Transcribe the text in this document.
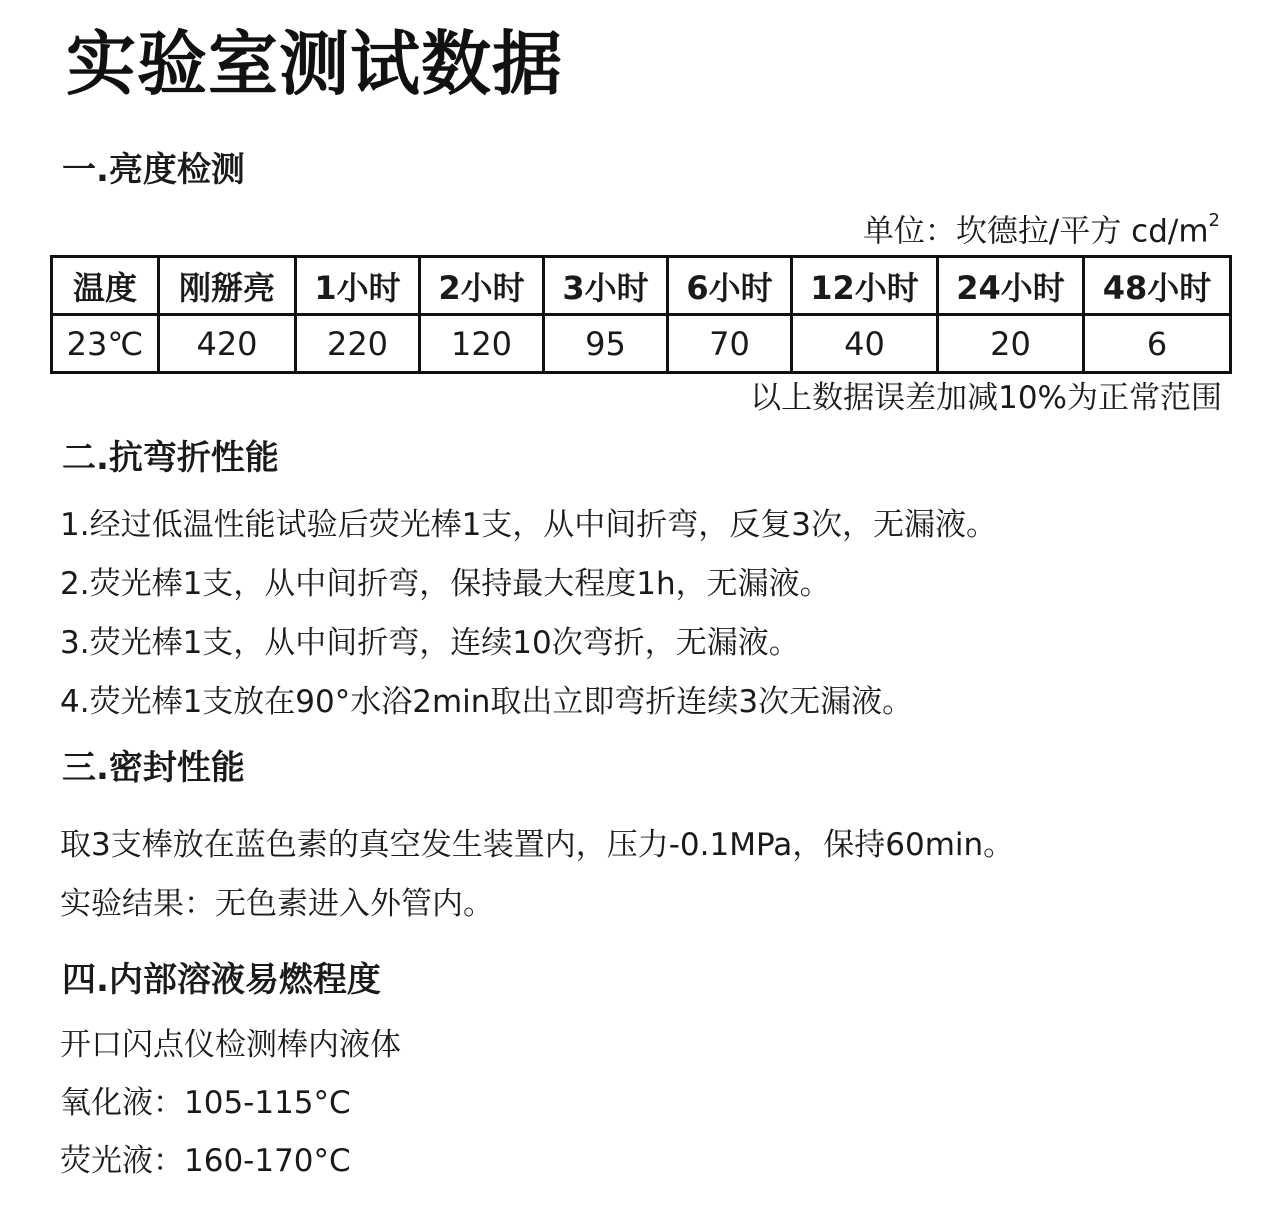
实验室测试数据
一.亮度检测
单位：坎德拉/平方 $cd/m^2$
温度	刚掰亮	1小时	2小时	3小时	6小时	12小时	24小时	48小时
23℃	420	220	120	95	70	40	20	6
以上数据误差加减10%为正常范围
二.抗弯折性能

1.经过低温性能试验后荧光棒1支，从中间折弯，反复3次，无漏液。

2.荧光棒1支，从中间折弯，保持最大程度1h，无漏液。

3.荧光棒1支，从中间折弯，连续10次弯折，无漏液。

4.荧光棒1支放在90°水浴2min取出立即弯折连续3次无漏液。

三.密封性能

取3支棒放在蓝色素的真空发生装置内，压力-0.1MPa，保持60min。

实验结果：无色素进入外管内。

四.内部溶液易燃程度

开口闪点仪检测棒内液体

氧化液：105-115°C

荧光液：160-170°C
